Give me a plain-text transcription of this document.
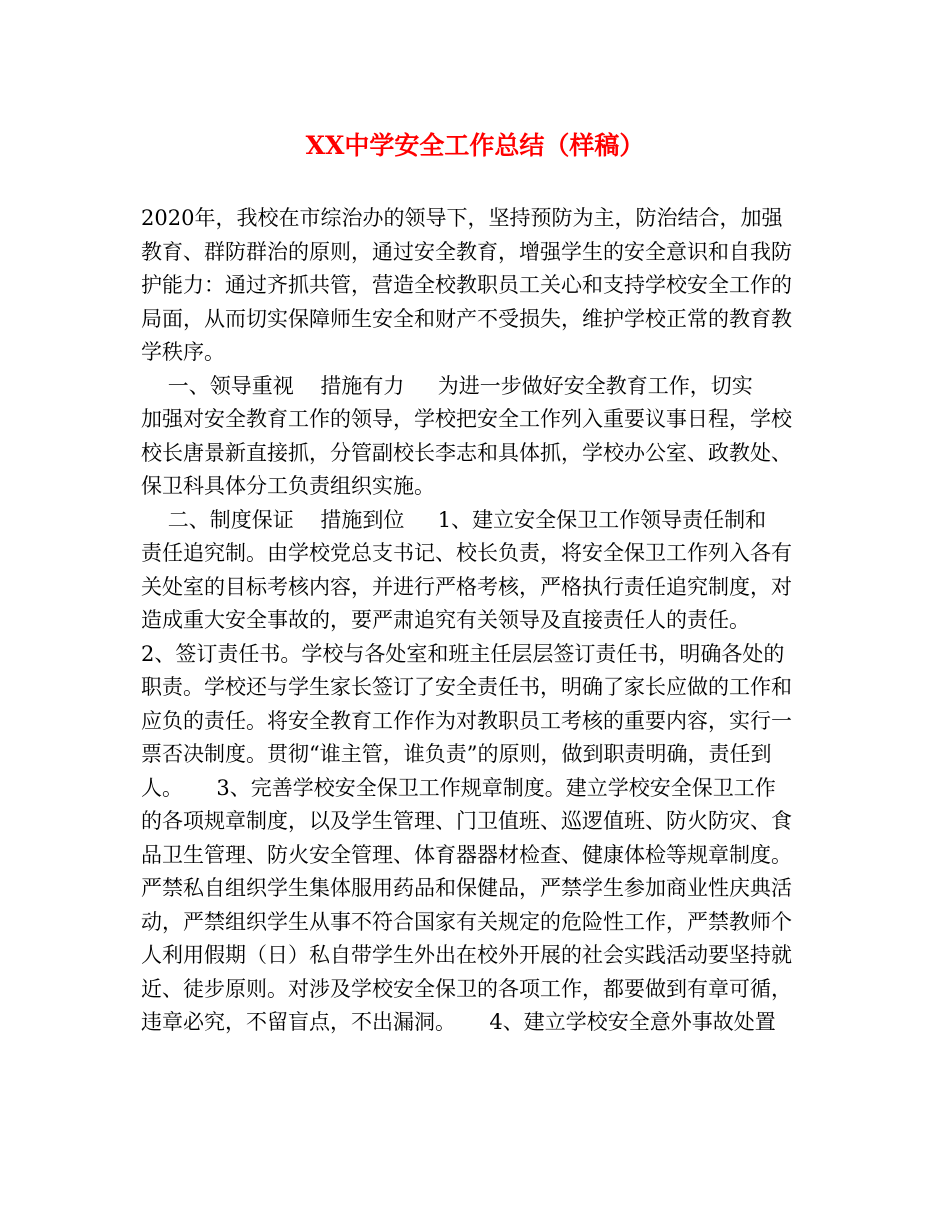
XX中学安全工作总结（样稿）
2020年，我校在市综治办的领导下，坚持预防为主，防治结合，加强
教育、群防群治的原则，通过安全教育，增强学生的安全意识和自我防
护能力：通过齐抓共管，营造全校教职员工关心和支持学校安全工作的
局面，从而切实保障师生安全和财产不受损失，维护学校正常的教育教
学秩序。
一、领导重视    措施有力     为进一步做好安全教育工作，切实
加强对安全教育工作的领导，学校把安全工作列入重要议事日程，学校
校长唐景新直接抓，分管副校长李志和具体抓，学校办公室、政教处、
保卫科具体分工负责组织实施。
二、制度保证    措施到位     1、建立安全保卫工作领导责任制和
责任追究制。由学校党总支书记、校长负责，将安全保卫工作列入各有
关处室的目标考核内容，并进行严格考核，严格执行责任追究制度，对
造成重大安全事故的，要严肃追究有关领导及直接责任人的责任。
2、签订责任书。学校与各处室和班主任层层签订责任书，明确各处的
职责。学校还与学生家长签订了安全责任书，明确了家长应做的工作和
应负的责任。将安全教育工作作为对教职员工考核的重要内容，实行一
票否决制度。贯彻“谁主管，谁负责”的原则，做到职责明确，责任到
人。     3、完善学校安全保卫工作规章制度。建立学校安全保卫工作
的各项规章制度，以及学生管理、门卫值班、巡逻值班、防火防灾、食
品卫生管理、防火安全管理、体育器器材检查、健康体检等规章制度。
严禁私自组织学生集体服用药品和保健品，严禁学生参加商业性庆典活
动，严禁组织学生从事不符合国家有关规定的危险性工作，严禁教师个
人利用假期（日）私自带学生外出在校外开展的社会实践活动要坚持就
近、徒步原则。对涉及学校安全保卫的各项工作，都要做到有章可循，
违章必究，不留盲点，不出漏洞。     4、建立学校安全意外事故处置
